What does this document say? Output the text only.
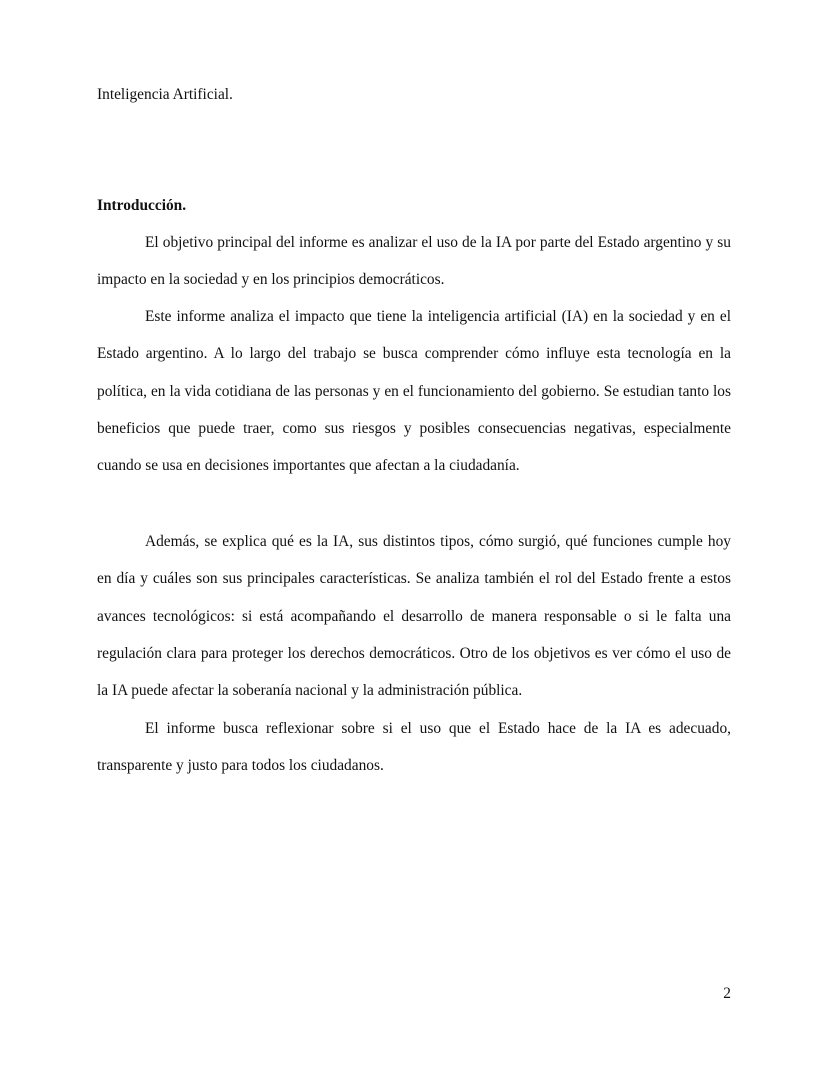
Inteligencia Artificial.
Introducción.

El objetivo principal del informe es analizar el uso de la IA por parte del Estado argentino y su impacto en la sociedad y en los principios democráticos.

Este informe analiza el impacto que tiene la inteligencia artificial (IA) en la sociedad y en el Estado argentino. A lo largo del trabajo se busca comprender cómo influye esta tecnología en la política, en la vida cotidiana de las personas y en el funcionamiento del gobierno. Se estudian tanto los beneficios que puede traer, como sus riesgos y posibles consecuencias negativas, especialmente cuando se usa en decisiones importantes que afectan a la ciudadanía.

Además, se explica qué es la IA, sus distintos tipos, cómo surgió, qué funciones cumple hoy en día y cuáles son sus principales características. Se analiza también el rol del Estado frente a estos avances tecnológicos: si está acompañando el desarrollo de manera responsable o si le falta una regulación clara para proteger los derechos democráticos. Otro de los objetivos es ver cómo el uso de la IA puede afectar la soberanía nacional y la administración pública.

El informe busca reflexionar sobre si el uso que el Estado hace de la IA es adecuado, transparente y justo para todos los ciudadanos.

2
